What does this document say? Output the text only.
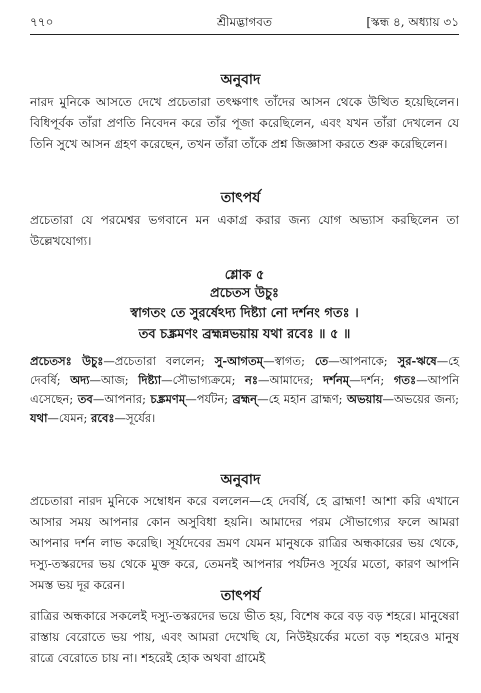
৭৭০	শ্রীমদ্ভাগবত	[স্কন্ধ ৪, অধ্যায় ৩১
অনুবাদ
নারদ মুনিকে আসতে দেখে প্রচেতারা তৎক্ষণাৎ তাঁদের আসন থেকে উত্থিত হয়েছিলেন। বিধিপূর্বক তাঁরা প্রণতি নিবেদন করে তাঁর পূজা করেছিলেন, এবং যখন তাঁরা দেখলেন যে তিনি সুখে আসন গ্রহণ করেছেন, তখন তাঁরা তাঁকে প্রশ্ন জিজ্ঞাসা করতে শুরু করেছিলেন।
তাৎপর্য
প্রচেতারা যে পরমেশ্বর ভগবানে মন একাগ্র করার জন্য যোগ অভ্যাস করছিলেন তা উল্লেখযোগ্য।
শ্লোক ৫
প্রচেতস উচুঃ
স্বাগতং তে সুরর্ষেঽদ্য দিষ্ট্যা নো দর্শনং গতঃ ।
তব চঙ্ক্রমণং ব্রহ্মন্নভয়ায় যথা রবেঃ ॥ ৫ ॥
প্রচেতসঃ উচুঃ—প্রচেতারা বললেন; সু-আগতম্—স্বাগত; তে—আপনাকে; সুর-ঋষে—হে দেবর্ষি; অদ্য—আজ; দিষ্ট্যা—সৌভাগ্যক্রমে; নঃ—আমাদের; দর্শনম্—দর্শন; গতঃ—আপনি এসেছেন; তব—আপনার; চঙ্ক্রমণম্—পর্যটন; ব্রহ্মন্—হে মহান ব্রাহ্মণ; অভয়ায়—অভয়ের জন্য; যথা—যেমন; রবেঃ—সূর্যের।
অনুবাদ
প্রচেতারা নারদ মুনিকে সম্বোধন করে বললেন—হে দেবর্ষি, হে ব্রাহ্মণ! আশা করি এখানে আসার সময় আপনার কোন অসুবিধা হয়নি। আমাদের পরম সৌভাগ্যের ফলে আমরা আপনার দর্শন লাভ করেছি। সূর্যদেবের ভ্রমণ যেমন মানুষকে রাত্রির অন্ধকারের ভয় থেকে, দস্যু-তস্করদের ভয় থেকে মুক্ত করে, তেমনই আপনার পর্যটনও সূর্যের মতো, কারণ আপনি সমস্ত ভয় দূর করেন।
তাৎপর্য
রাত্রির অন্ধকারে সকলেই দস্যু-তস্করদের ভয়ে ভীত হয়, বিশেষ করে বড় বড় শহরে। মানুষেরা রাস্তায় বেরোতে ভয় পায়, এবং আমরা দেখেছি যে, নিউইয়র্কের মতো বড় শহরেও মানুষ রাত্রে বেরোতে চায় না। শহরেই হোক অথবা গ্রামেই
